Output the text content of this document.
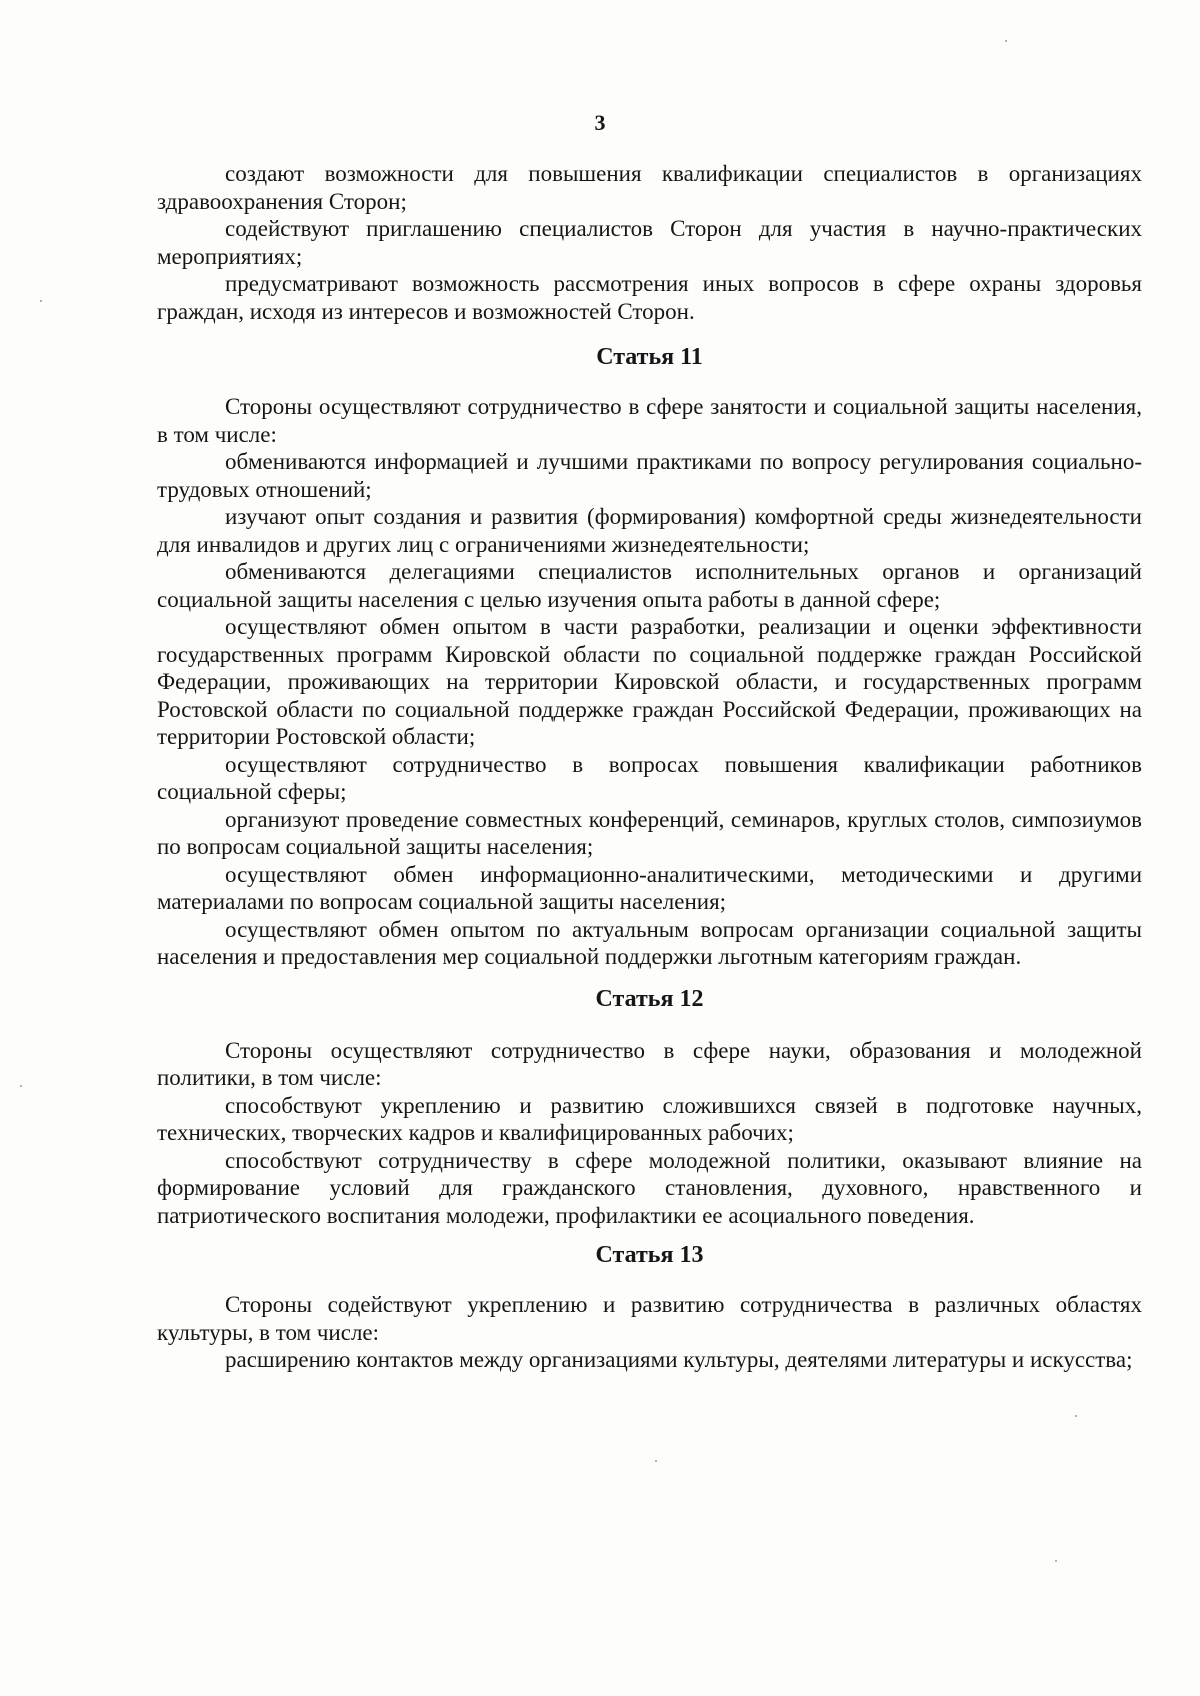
3

создают возможности для повышения квалификации специалистов в организациях здравоохранения Сторон;

содействуют приглашению специалистов Сторон для участия в научно-практических мероприятиях;

предусматривают возможность рассмотрения иных вопросов в сфере охраны здоровья граждан, исходя из интересов и возможностей Сторон.

Статья 11

Стороны осуществляют сотрудничество в сфере занятости и социальной защиты населения, в том числе:

обмениваются информацией и лучшими практиками по вопросу регулирования социально-трудовых отношений;

изучают опыт создания и развития (формирования) комфортной среды жизнедеятельности для инвалидов и других лиц с ограничениями жизнедеятельности;

обмениваются делегациями специалистов исполнительных органов и организаций социальной защиты населения с целью изучения опыта работы в данной сфере;

осуществляют обмен опытом в части разработки, реализации и оценки эффективности государственных программ Кировской области по социальной поддержке граждан Российской Федерации, проживающих на территории Кировской области, и государственных программ Ростовской области по социальной поддержке граждан Российской Федерации, проживающих на территории Ростовской области;

осуществляют сотрудничество в вопросах повышения квалификации работников социальной сферы;

организуют проведение совместных конференций, семинаров, круглых столов, симпозиумов по вопросам социальной защиты населения;

осуществляют обмен информационно-аналитическими, методическими и другими материалами по вопросам социальной защиты населения;

осуществляют обмен опытом по актуальным вопросам организации социальной защиты населения и предоставления мер социальной поддержки льготным категориям граждан.

Статья 12

Стороны осуществляют сотрудничество в сфере науки, образования и молодежной политики, в том числе:

способствуют укреплению и развитию сложившихся связей в подготовке научных, технических, творческих кадров и квалифицированных рабочих;

способствуют сотрудничеству в сфере молодежной политики, оказывают влияние на формирование условий для гражданского становления, духовного, нравственного и патриотического воспитания молодежи, профилактики ее асоциального поведения.

Статья 13

Стороны содействуют укреплению и развитию сотрудничества в различных областях культуры, в том числе:

расширению контактов между организациями культуры, деятелями литературы и искусства;
